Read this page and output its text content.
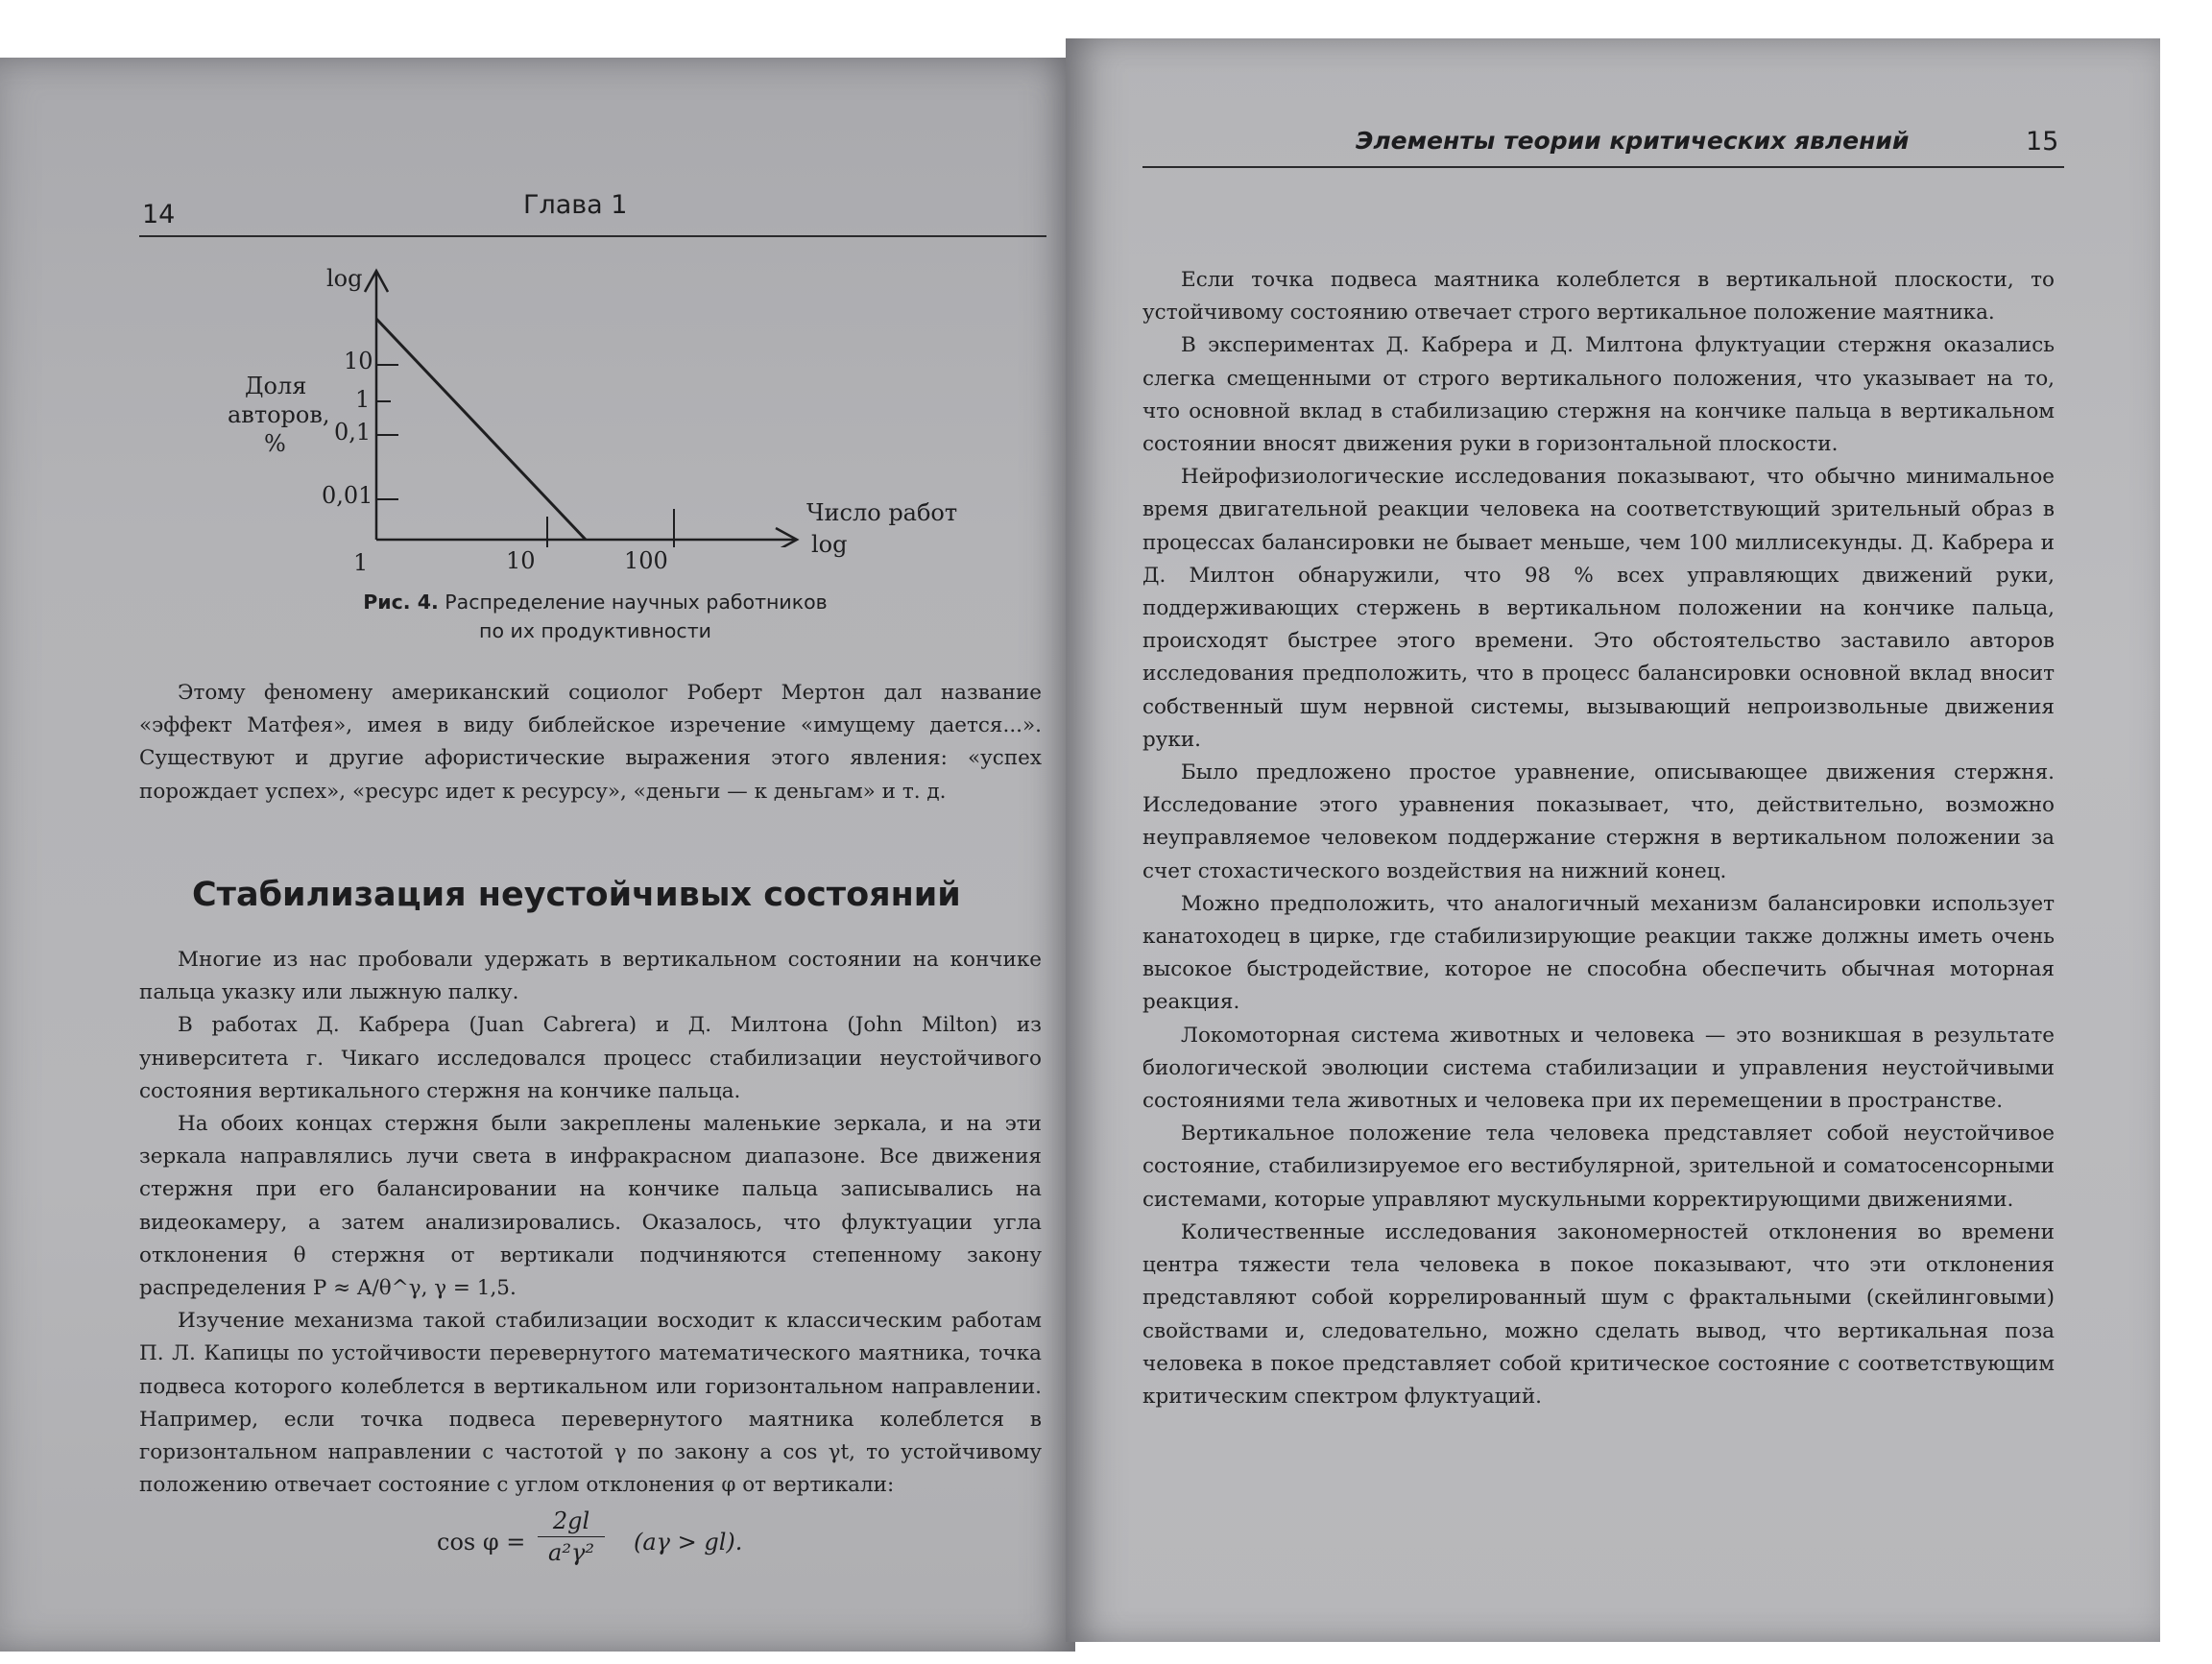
14	Глава 1
log
Доля
авторов,
%
10
1
0,1
0,01
1	10	100
Число работ
log
Рис. 4. Распределение научных работников
по их продуктивности

Этому феномену американский социолог Роберт Мертон дал название «эффект Матфея», имея в виду библейское изречение «имущему дается...». Существуют и другие афористические выражения этого явления: «успех порождает успех», «ресурс идет к ресурсу», «деньги — к деньгам» и т. д.

Стабилизация неустойчивых состояний

Многие из нас пробовали удержать в вертикальном состоянии на кончике пальца указку или лыжную палку.

В работах Д. Кабрера (Juan Cabrera) и Д. Милтона (John Milton) из университета г. Чикаго исследовался процесс стабилизации неустойчивого состояния вертикального стержня на кончике пальца.

На обоих концах стержня были закреплены маленькие зеркала, и на эти зеркала направлялись лучи света в инфракрасном диапазоне. Все движения стержня при его балансировании на кончике пальца записывались на видеокамеру, а затем анализировались. Оказалось, что флуктуации угла отклонения θ стержня от вертикали подчиняются степенному закону распределения P ≈ A/θ^γ, γ = 1,5.

Изучение механизма такой стабилизации восходит к классическим работам П. Л. Капицы по устойчивости перевернутого математического маятника, точка подвеса которого колеблется в вертикальном или горизонтальном направлении. Например, если точка подвеса перевернутого маятника колеблется в горизонтальном направлении с частотой γ по закону a cos γt, то устойчивому положению отвечает состояние с углом отклонения φ от вертикали:

$\cos \varphi = \frac{2gl}{\text{a²γ²}} (a\gamma > gl)$.
Элементы теории критических явлений	15

Если точка подвеса маятника колеблется в вертикальной плоскости, то устойчивому состоянию отвечает строго вертикальное положение маятника.

В экспериментах Д. Кабрера и Д. Милтона флуктуации стержня оказались слегка смещенными от строго вертикального положения, что указывает на то, что основной вклад в стабилизацию стержня на кончике пальца в вертикальном состоянии вносят движения руки в горизонтальной плоскости.

Нейрофизиологические исследования показывают, что обычно минимальное время двигательной реакции человека на соответствующий зрительный образ в процессах балансировки не бывает меньше, чем 100 миллисекунды. Д. Кабрера и Д. Милтон обнаружили, что 98 % всех управляющих движений руки, поддерживающих стержень в вертикальном положении на кончике пальца, происходят быстрее этого времени. Это обстоятельство заставило авторов исследования предположить, что в процесс балансировки основной вклад вносит собственный шум нервной системы, вызывающий непроизвольные движения руки.

Было предложено простое уравнение, описывающее движения стержня. Исследование этого уравнения показывает, что, действительно, возможно неуправляемое человеком поддержание стержня в вертикальном положении за счет стохастического воздействия на нижний конец.

Можно предположить, что аналогичный механизм балансировки использует канатоходец в цирке, где стабилизирующие реакции также должны иметь очень высокое быстродействие, которое не способна обеспечить обычная моторная реакция.

Локомоторная система животных и человека — это возникшая в результате биологической эволюции система стабилизации и управления неустойчивыми состояниями тела животных и человека при их перемещении в пространстве.

Вертикальное положение тела человека представляет собой неустойчивое состояние, стабилизируемое его вестибулярной, зрительной и соматосенсорными системами, которые управляют мускульными корректирующими движениями.

Количественные исследования закономерностей отклонения во времени центра тяжести тела человека в покое показывают, что эти отклонения представляют собой коррелированный шум с фрактальными (скейлинговыми) свойствами и, следовательно, можно сделать вывод, что вертикальная поза человека в покое представляет собой критическое состояние с соответствующим критическим спектром флуктуаций.
